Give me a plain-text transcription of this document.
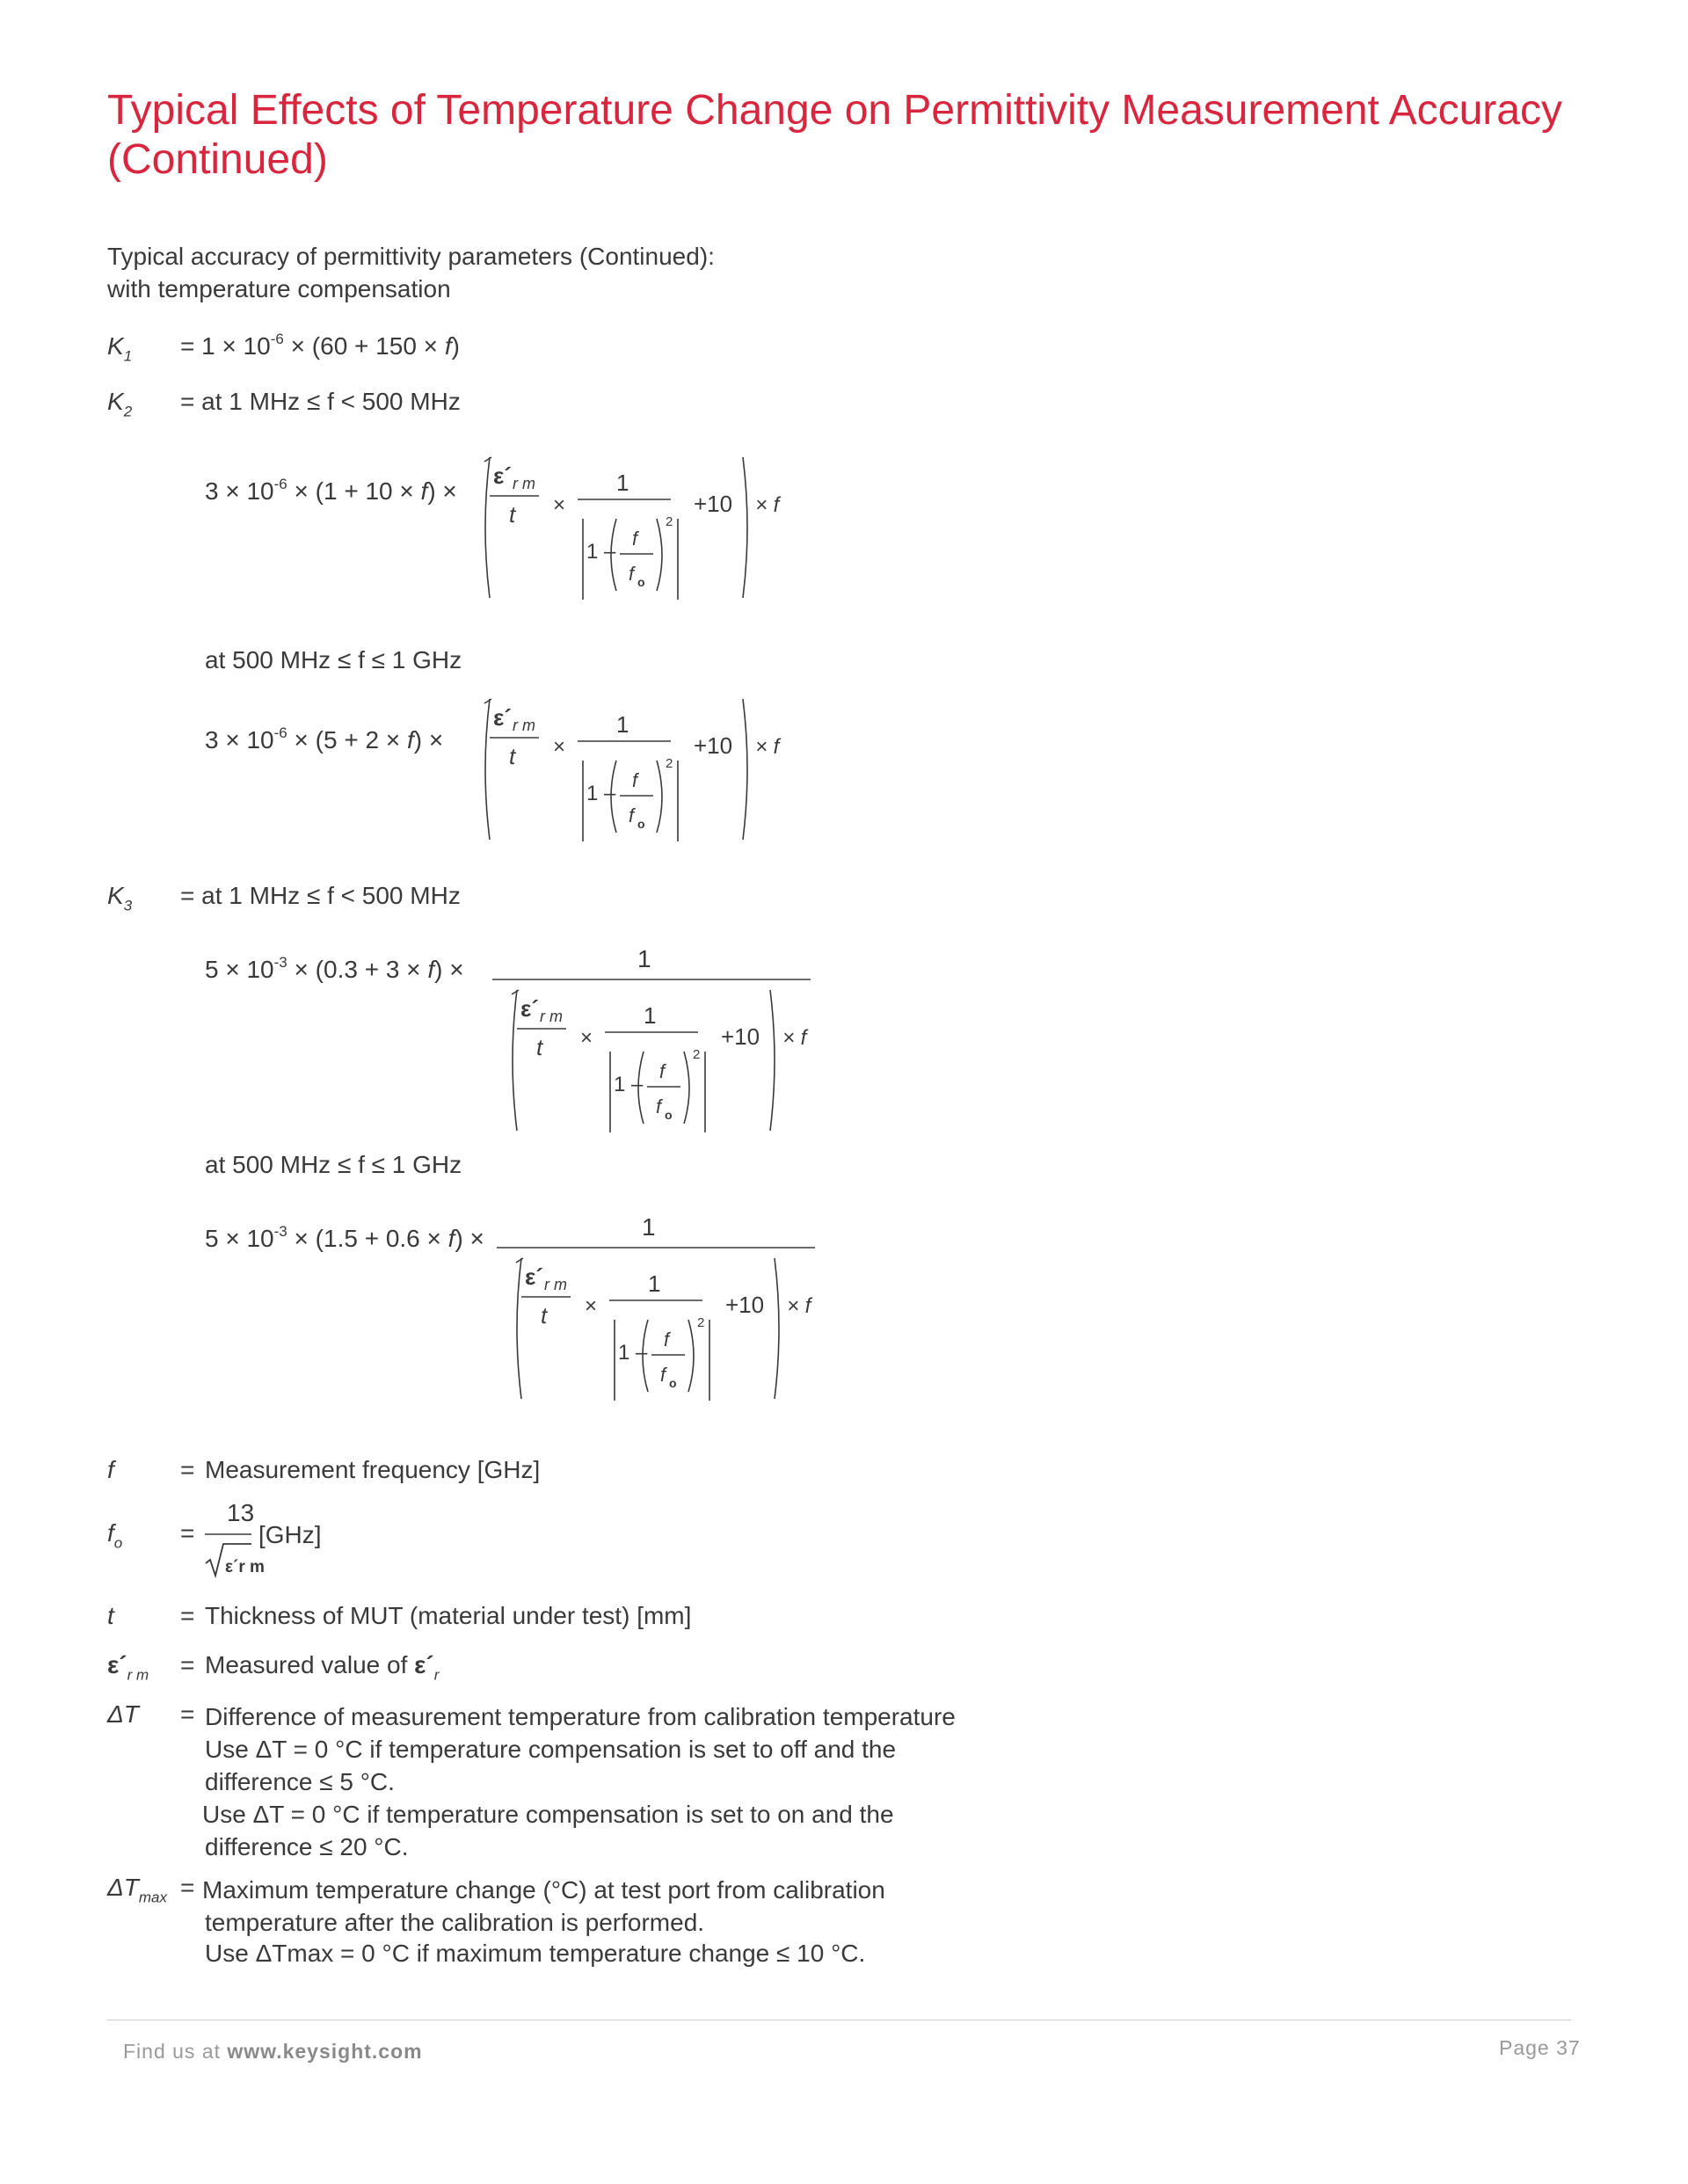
Typical Effects of Temperature Change on Permittivity Measurement Accuracy (Continued)
Typical accuracy of permittivity parameters (Continued):
with temperature compensation
$K_1 = 1 \times 10^{-6} \times (60 + 150 \times f)$
$K_2$ = at 1 MHz ≤ f < 500 MHz
$3 \times 10^{-6} \times (1 + 10 \times f)$ ×
ε´ r m
t ×
1
1 –
f
f o
2
+10 × f
at 500 MHz ≤ f ≤ 1 GHz
$3 \times 10^{-6} \times (5 + 2 \times f)$ ×
ε´ r m
t ×
1
1 –
f
f o
2
+10 × f
$K_3$ = at 1 MHz ≤ f < 500 MHz
$5 \times 10^{-3} \times (0.3 + 3 \times f)$ ×	1
ε´ r m
t ×
1
1 –
f
f o
2
+10 × f
at 500 MHz ≤ f ≤ 1 GHz
$5 \times 10^{-3} \times (1.5 + 0.6 \times f)$ ×	1
ε´ r m
t ×
1
1 –
f
f o
2
+10 × f
f	= Measurement frequency [GHz]
$f_o$ =
13
ε´r m
[GHz]
t	= Thickness of MUT (material under test) [mm]
$\varepsilon´_{r m}$ = Measured value of $\varepsilon´_r$
ΔT = Difference of measurement temperature from calibration temperature
Use ΔT = 0 °C if temperature compensation is set to off and the
difference ≤ 5 °C.
Use ΔT = 0 °C if temperature compensation is set to on and the
difference ≤ 20 °C.
$\Delta T_{max}$ = Maximum temperature change (°C) at test port from calibration
temperature after the calibration is performed.
Use ΔTmax = 0 °C if maximum temperature change ≤ 10 °C.
Find us at www.keysight.com	Page 37
